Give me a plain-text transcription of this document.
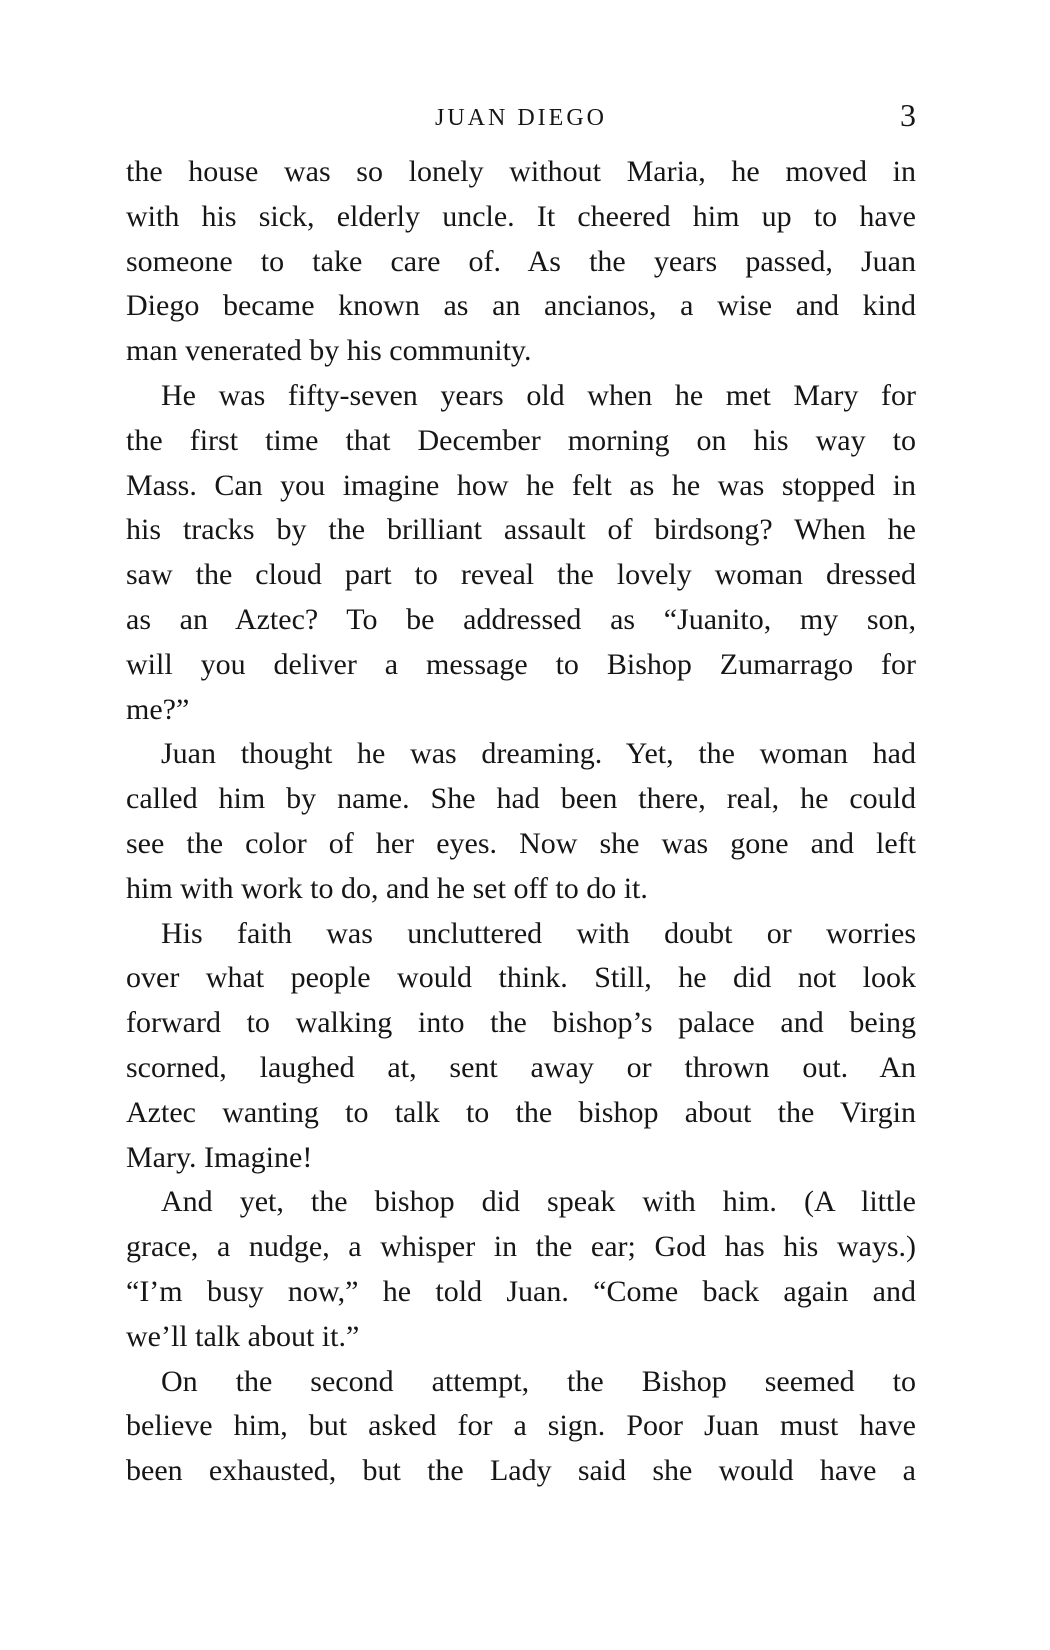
JUAN DIEGO	3
the house was so lonely without Maria, he moved in
with his sick, elderly uncle. It cheered him up to have
someone to take care of. As the years passed, Juan
Diego became known as an ancianos, a wise and kind
man venerated by his community.
He was fifty-seven years old when he met Mary for
the first time that December morning on his way to
Mass. Can you imagine how he felt as he was stopped in
his tracks by the brilliant assault of birdsong? When he
saw the cloud part to reveal the lovely woman dressed
as an Aztec? To be addressed as “Juanito, my son,
will you deliver a message to Bishop Zumarrago for
me?”
Juan thought he was dreaming. Yet, the woman had
called him by name. She had been there, real, he could
see the color of her eyes. Now she was gone and left
him with work to do, and he set off to do it.
His faith was uncluttered with doubt or worries
over what people would think. Still, he did not look
forward to walking into the bishop’s palace and being
scorned, laughed at, sent away or thrown out. An
Aztec wanting to talk to the bishop about the Virgin
Mary. Imagine!
And yet, the bishop did speak with him. (A little
grace, a nudge, a whisper in the ear; God has his ways.)
“I’m busy now,” he told Juan. “Come back again and
we’ll talk about it.”
On the second attempt, the Bishop seemed to
believe him, but asked for a sign. Poor Juan must have
been exhausted, but the Lady said she would have a
